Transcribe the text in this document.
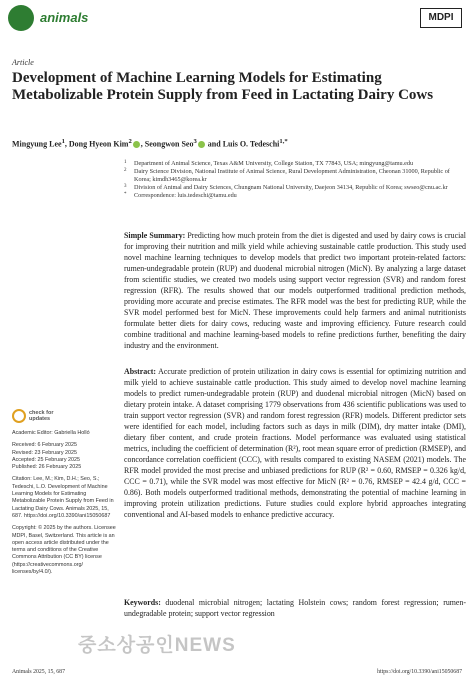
animals	MDPI
Article
Development of Machine Learning Models for Estimating Metabolizable Protein Supply from Feed in Lactating Dairy Cows
Mingyung Lee$^1$, Dong Hyeon Kim$^2$ , Seongwon Seo$^3$ and Luis O. Tedeschi$^{1,*}$
1 Department of Animal Science, Texas A&M University, College Station, TX 77843, USA; mingyung@tamu.edu
2 Dairy Science Division, National Institute of Animal Science, Rural Development Administration, Cheonan 31000, Republic of Korea; kimdh3465@korea.kr
3 Division of Animal and Dairy Sciences, Chungnam National University, Daejeon 34134, Republic of Korea; swseo@cnu.ac.kr
* Correspondence: luis.tedeschi@tamu.edu
Simple Summary: Predicting how much protein from the diet is digested and used by dairy cows is crucial for improving their nutrition and milk yield while achieving sustainable cattle production. This study used novel machine learning techniques to develop models that predict two important protein-related factors: rumen-undegradable protein (RUP) and duodenal microbial nitrogen (MicN). By analyzing a large dataset from scientific studies, we created two models using support vector regression (SVR) and random forest regression (RFR). The results showed that our models outperformed traditional prediction methods, providing more accurate and precise estimates. The RFR model was the best for predicting RUP, while the SVR model performed best for MicN. These improvements could help farmers and animal nutritionists formulate better diets for dairy cows, reducing waste and improving efficiency. Future research could combine traditional and machine learning-based models to refine predictions further, benefiting the dairy industry and the environment.
Abstract: Accurate prediction of protein utilization in dairy cows is essential for optimizing nutrition and milk yield to achieve sustainable cattle production. This study aimed to develop novel machine learning models to predict rumen-undegradable protein (RUP) and duodenal microbial nitrogen (MicN) based on dietary protein intake. A dataset comprising 1779 observations from 436 scientific publications was used to train support vector regression (SVR) and random forest regression (RFR) models. Different predictor sets were identified for each model, including factors such as days in milk (DIM), dry matter intake (DMI), dietary fiber content, and crude protein fractions. Model performance was evaluated using statistical metrics, including the coefficient of determination (R²), root mean square error of prediction (RMSEP), and concordance correlation coefficient (CCC), with results compared to existing NASEM (2021) models. The RFR model provided the most precise and unbiased predictions for RUP (R² = 0.60, RMSEP = 0.326 kg/d, CCC = 0.71), while the SVR model was most effective for MicN (R² = 0.76, RMSEP = 42.4 g/d, CCC = 0.86). Both models outperformed traditional methods, demonstrating the potential of machine learning in improving protein utilization predictions. Future studies could explore hybrid approaches integrating conventional and AI-based models to enhance predictive accuracy.
Keywords: duodenal microbial nitrogen; lactating Holstein cows; random forest regression; rumen-undegradable protein; support vector regression
check for
updates
Academic Editor: Gabriella Holló
Received: 6 February 2025
Revised: 23 February 2025
Accepted: 25 February 2025
Published: 26 February 2025
Citation: Lee, M.; Kim, D.H.; Seo, S.; Tedeschi, L.O. Development of Machine Learning Models for Estimating Metabolizable Protein Supply from Feed in Lactating Dairy Cows. Animals 2025, 15, 687. https://doi.org/10.3390/ani15050687
Copyright: © 2025 by the authors. Licensee MDPI, Basel, Switzerland. This article is an open access article distributed under the terms and conditions of the Creative Commons Attribution (CC BY) license (https://creativecommons.org/ licenses/by/4.0/).
중소상공인NEWS
Animals 2025, 15, 687	https://doi.org/10.3390/ani15050687
